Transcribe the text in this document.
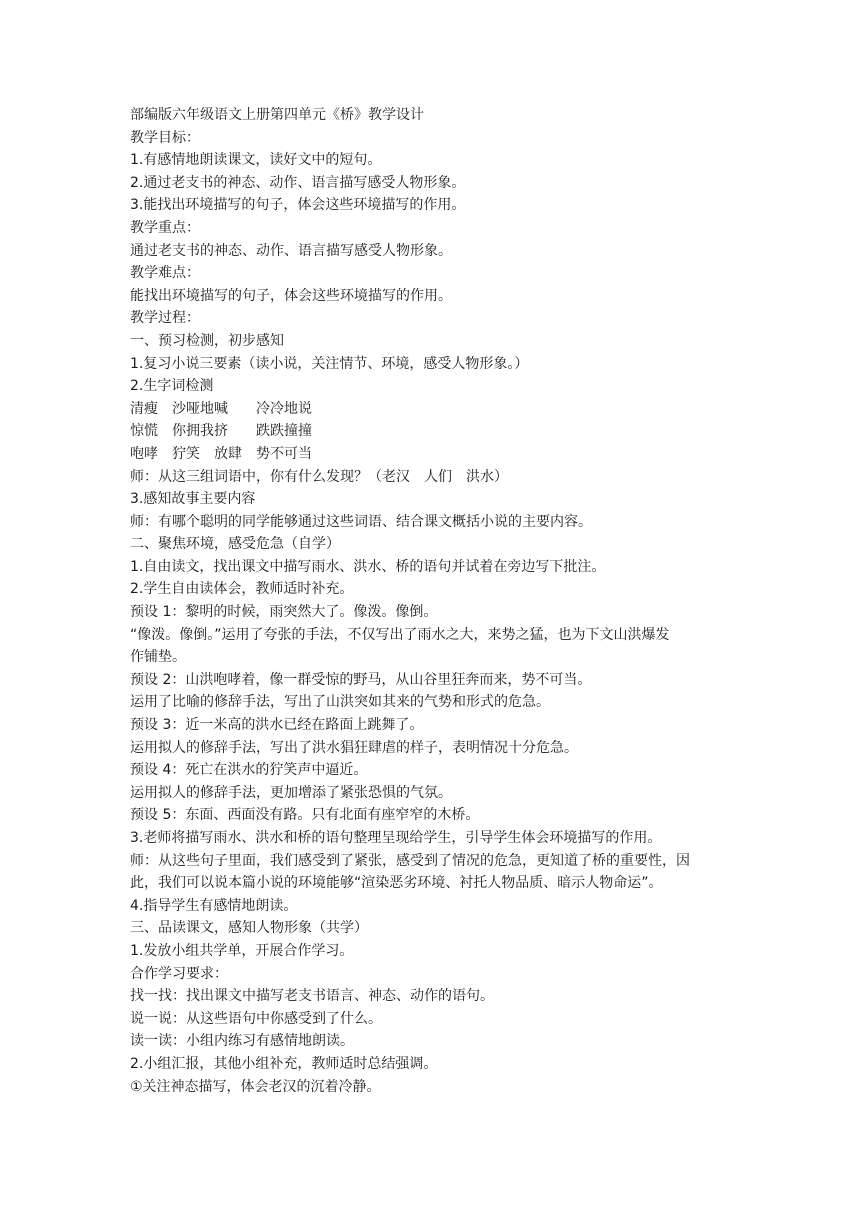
部编版六年级语文上册第四单元《桥》教学设计

教学目标：

1.有感情地朗读课文，读好文中的短句。

2.通过老支书的神态、动作、语言描写感受人物形象。

3.能找出环境描写的句子，体会这些环境描写的作用。

教学重点：

通过老支书的神态、动作、语言描写感受人物形象。

教学难点：

能找出环境描写的句子，体会这些环境描写的作用。

教学过程：

一、预习检测，初步感知

1.复习小说三要素（读小说，关注情节、环境，感受人物形象。）

2.生字词检测

清瘦　沙哑地喊　　冷冷地说

惊慌　你拥我挤　　跌跌撞撞

咆哮　狞笑　放肆　势不可当

师：从这三组词语中，你有什么发现？（老汉　人们　洪水）

3.感知故事主要内容

师：有哪个聪明的同学能够通过这些词语、结合课文概括小说的主要内容。

二、聚焦环境，感受危急（自学）

1.自由读文，找出课文中描写雨水、洪水、桥的语句并试着在旁边写下批注。

2.学生自由读体会，教师适时补充。

预设 1：黎明的时候，雨突然大了。像泼。像倒。

“像泼。像倒。”运用了夸张的手法，不仅写出了雨水之大，来势之猛，也为下文山洪爆发

作铺垫。

预设 2：山洪咆哮着，像一群受惊的野马，从山谷里狂奔而来，势不可当。

运用了比喻的修辞手法，写出了山洪突如其来的气势和形式的危急。

预设 3：近一米高的洪水已经在路面上跳舞了。

运用拟人的修辞手法，写出了洪水猖狂肆虐的样子，表明情况十分危急。

预设 4：死亡在洪水的狞笑声中逼近。

运用拟人的修辞手法，更加增添了紧张恐惧的气氛。

预设 5：东面、西面没有路。只有北面有座窄窄的木桥。

3.老师将描写雨水、洪水和桥的语句整理呈现给学生，引导学生体会环境描写的作用。

师：从这些句子里面，我们感受到了紧张，感受到了情况的危急，更知道了桥的重要性，因

此，我们可以说本篇小说的环境能够“渲染恶劣环境、衬托人物品质、暗示人物命运”。

4.指导学生有感情地朗读。

三、品读课文，感知人物形象（共学）

1.发放小组共学单，开展合作学习。

合作学习要求：

找一找：找出课文中描写老支书语言、神态、动作的语句。

说一说：从这些语句中你感受到了什么。

读一读：小组内练习有感情地朗读。

2.小组汇报，其他小组补充，教师适时总结强调。

①关注神态描写，体会老汉的沉着冷静。
